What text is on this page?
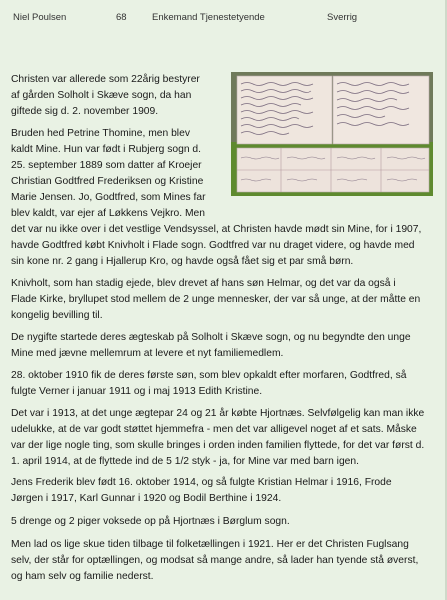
Niel Poulsen	68	Enkemand Tjenestetyende	Sverrig
Christen var allerede som 22årig bestyrer
af gården Solholt i Skæve sogn, da han
giftede sig d. 2. november 1909.
Bruden hed Petrine Thomine, men blev
kaldt Mine. Hun var født i Rubjerg sogn d.
25. september 1889 som datter af Kroejer
Christian Godtfred Frederiksen og Kristine
Marie Jensen. Jo, Godtfred, som Mines far
blev kaldt, var ejer af Løkkens Vejkro. Men
det var nu ikke over i det vestlige Vendsyssel, at Christen havde mødt sin Mine, for i 1907,
havde Godtfred købt Knivholt i Flade sogn. Godtfred var nu draget videre, og havde med
sin kone nr. 2 gang i Hjallerup Kro, og havde også fået sig et par små børn.
Knivholt, som han stadig ejede, blev drevet af hans søn Helmar, og det var da også i
Flade Kirke, bryllupet stod mellem de 2 unge mennesker, der var så unge, at der måtte en
kongelig bevilling til.
De nygifte startede deres ægteskab på Solholt i Skæve sogn, og nu begyndte den unge
Mine med jævne mellemrum at levere et nyt familiemedlem.
28. oktober 1910 fik de deres første søn, som blev opkaldt efter morfaren, Godtfred, så
fulgte Verner i januar 1911 og i maj 1913 Edith Kristine.
Det var i 1913, at det unge ægtepar 24 og 21 år købte Hjortnæs. Selvfølgelig kan man ikke
udelukke, at de var godt støttet hjemmefra - men det var alligevel noget af et sats. Måske
var der lige nogle ting, som skulle bringes i orden inden familien flyttede, for det var først d.
1. april 1914, at de flyttede ind de 5 1/2 styk - ja, for Mine var med barn igen.
Jens Frederik blev født 16. oktober 1914, og så fulgte Kristian Helmar i 1916, Frode
Jørgen i 1917, Karl Gunnar i 1920 og Bodil Berthine i 1924.
5 drenge og 2 piger voksede op på Hjortnæs i Børglum sogn.
Men lad os lige skue tiden tilbage til folketællingen i 1921. Her er det Christen Fuglsang
selv, der står for optællingen, og modsat så mange andre, så lader han tyende stå øverst,
og ham selv og familie nederst.
